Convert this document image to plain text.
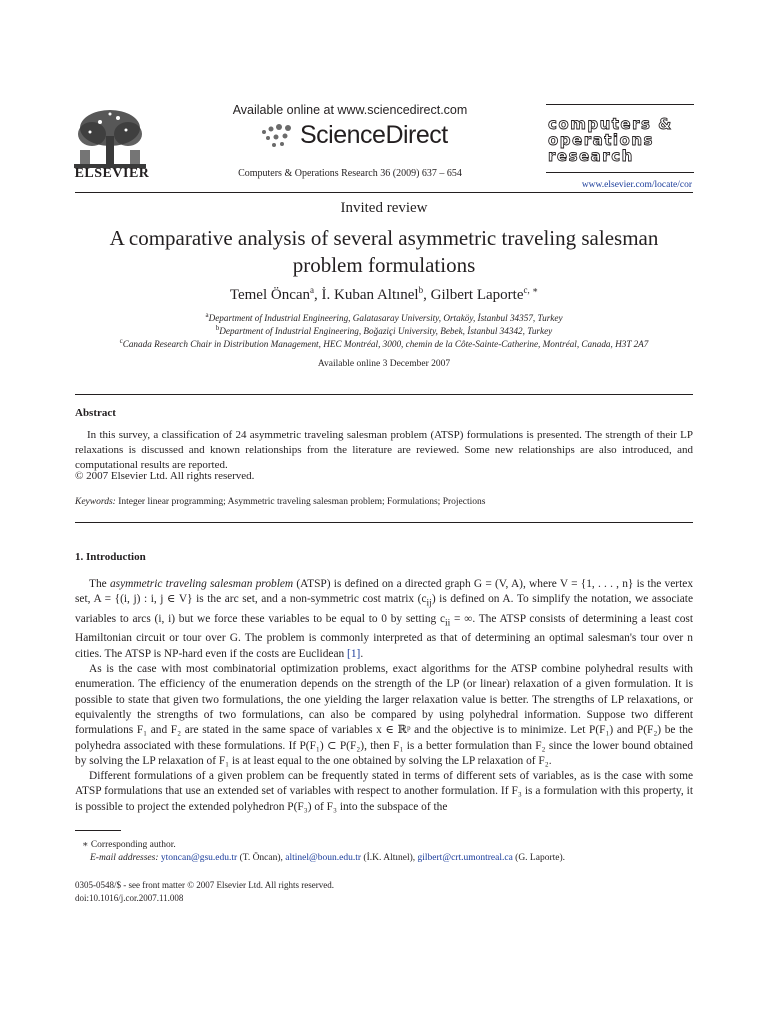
ELSEVIER
Available online at www.sciencedirect.com
ScienceDirect
Computers & Operations Research 36 (2009) 637 – 654
computers &
operations
research
www.elsevier.com/locate/cor
Invited review
A comparative analysis of several asymmetric traveling salesman problem formulations
Temel Öncan$^a$, İ. Kuban Altınel$^b$, Gilbert Laporte$^{c, ∗}$
$^a$Department of Industrial Engineering, Galatasaray University, Ortaköy, İstanbul 34357, Turkey
$^b$Department of Industrial Engineering, Boğaziçi University, Bebek, İstanbul 34342, Turkey
$^c$Canada Research Chair in Distribution Management, HEC Montréal, 3000, chemin de la Côte-Sainte-Catherine, Montréal, Canada, H3T 2A7
Available online 3 December 2007
Abstract
In this survey, a classification of 24 asymmetric traveling salesman problem (ATSP) formulations is presented. The strength of their LP relaxations is discussed and known relationships from the literature are reviewed. Some new relationships are also introduced, and computational results are reported.
© 2007 Elsevier Ltd. All rights reserved.
Keywords: Integer linear programming; Asymmetric traveling salesman problem; Formulations; Projections
1. Introduction

The asymmetric traveling salesman problem (ATSP) is defined on a directed graph G = (V, A), where V = {1, . . . , n} is the vertex set, A = {(i, j) : i, j ∈ V} is the arc set, and a non-symmetric cost matrix $(c_{ij})$ is defined on A. To simplify the notation, we associate variables to arcs (i, i) but we force these variables to be equal to 0 by setting $c_{ii}$ = ∞. The ATSP consists of determining a least cost Hamiltonian circuit or tour over G. The problem is commonly interpreted as that of determining an optimal salesman's tour over n cities. The ATSP is NP-hard even if the costs are Euclidean [1].

As is the case with most combinatorial optimization problems, exact algorithms for the ATSP combine polyhedral results with enumeration. The efficiency of the enumeration depends on the strength of the LP (or linear) relaxation of a given formulation. It is possible to state that given two formulations, the one yielding the larger relaxation value is better. The strengths of LP relaxations, or equivalently the strengths of two formulations, can also be compared by using polyhedral information. Suppose two different formulations F₁ and F₂ are stated in the same space of variables x ∈ ℝᵖ and the objective is to minimize. Let P(F₁) and P(F₂) be the polyhedra associated with these formulations. If P(F₁) ⊂ P(F₂), then F₁ is a better formulation than F₂ since the lower bound obtained by solving the LP relaxation of F₁ is at least equal to the one obtained by solving the LP relaxation of F₂.

Different formulations of a given problem can be frequently stated in terms of different sets of variables, as is the case with some ATSP formulations that use an extended set of variables with respect to another formulation. If F₃ is a formulation with this property, it is possible to project the extended polyhedron P(F₃) of F₃ into the subspace of the

∗ Corresponding author.
E-mail addresses: ytoncan@gsu.edu.tr (T. Öncan), altinel@boun.edu.tr (İ.K. Altınel), gilbert@crt.umontreal.ca (G. Laporte).
0305-0548/$ - see front matter © 2007 Elsevier Ltd. All rights reserved.
doi:10.1016/j.cor.2007.11.008
